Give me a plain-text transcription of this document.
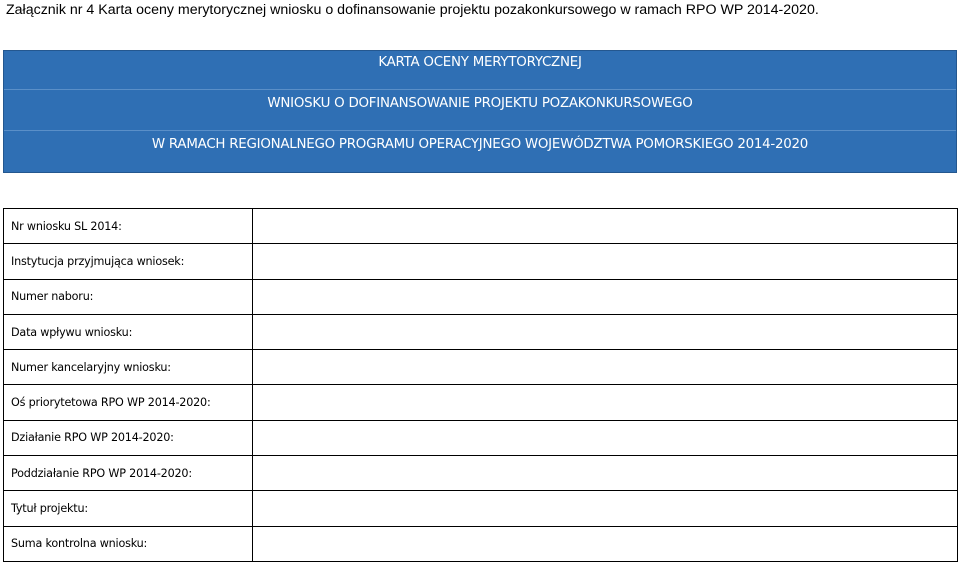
Załącznik nr 4 Karta oceny merytorycznej wniosku o dofinansowanie projektu pozakonkursowego w ramach RPO WP 2014-2020.
KARTA OCENY MERYTORYCZNEJ
WNIOSKU O DOFINANSOWANIE PROJEKTU POZAKONKURSOWEGO
W RAMACH REGIONALNEGO PROGRAMU OPERACYJNEGO WOJEWÓDZTWA POMORSKIEGO 2014-2020
Nr wniosku SL 2014:	
Instytucja przyjmująca wniosek:	
Numer naboru:	
Data wpływu wniosku:	
Numer kancelaryjny wniosku:	
Oś priorytetowa RPO WP 2014-2020:	
Działanie RPO WP 2014-2020:	
Poddziałanie RPO WP 2014-2020:	
Tytuł projektu:	
Suma kontrolna wniosku:	
